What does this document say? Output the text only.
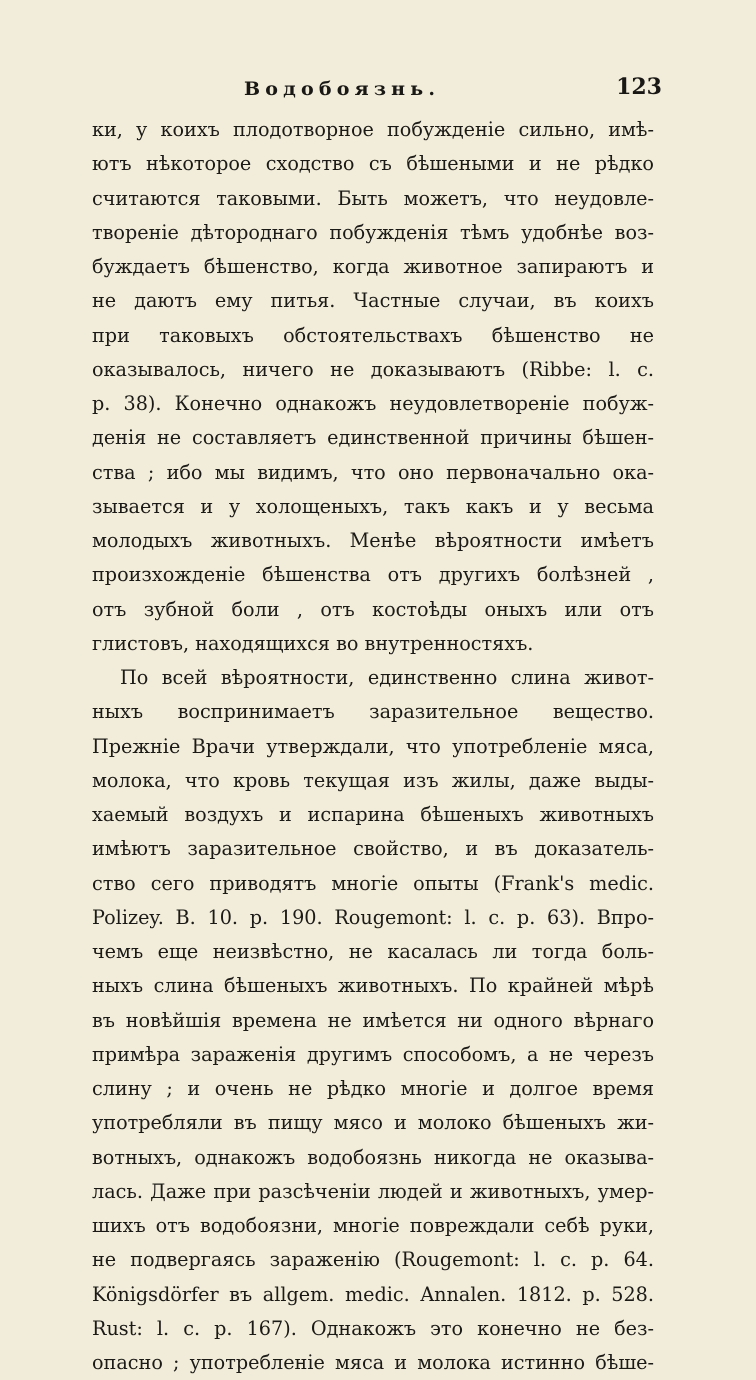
Водобоязнь.	123
ки, у коихъ плодотворное побужденіе сильно, имѣ-
ютъ нѣкоторое сходство съ бѣшеными и не рѣдко
считаются таковыми. Быть можетъ, что неудовле-
твореніе дѣтороднаго побужденія тѣмъ удобнѣе воз-
буждаетъ бѣшенство, когда животное запираютъ и
не даютъ ему питья. Частные случаи, въ коихъ
при таковыхъ обстоятельствахъ бѣшенство не
оказывалось, ничего не доказываютъ (Ribbe: l. c.
p. 38). Конечно однакожъ неудовлетвореніе побуж-
денія не составляетъ единственной причины бѣшен-
ства ; ибо мы видимъ, что оно первоначально ока-
зывается и у холощеныхъ, такъ какъ и у весьма
молодыхъ животныхъ. Менѣе вѣроятности имѣетъ
произхожденіе бѣшенства отъ другихъ болѣзней ,
отъ зубной боли , отъ костоѣды оныхъ или отъ
глистовъ, находящихся во внутренностяхъ.
По всей вѣроятности, единственно слина живот-
ныхъ воспринимаетъ заразительное вещество.
Прежніе Врачи утверждали, что употребленіе мяса,
молока, что кровь текущая изъ жилы, даже выды-
хаемый воздухъ и испарина бѣшеныхъ животныхъ
имѣютъ заразительное свойство, и въ доказатель-
ство сего приводятъ многіе опыты (Frank's medic.
Polizey. B. 10. p. 190. Rougemont: l. c. p. 63). Впро-
чемъ еще неизвѣстно, не касалась ли тогда боль-
ныхъ слина бѣшеныхъ животныхъ. По крайней мѣрѣ
въ новѣйшія времена не имѣется ни одного вѣрнаго
примѣра зараженія другимъ способомъ, а не черезъ
слину ; и очень не рѣдко многіе и долгое время
употребляли въ пищу мясо и молоко бѣшеныхъ жи-
вотныхъ, однакожъ водобоязнь никогда не оказыва-
лась. Даже при разсѣченіи людей и животныхъ, умер-
шихъ отъ водобоязни, многіе повреждали себѣ руки,
не подвергаясь зараженію (Rougemont: l. c. p. 64.
Königsdörfer въ allgem. medic. Annalen. 1812. p. 528.
Rust: l. c. p. 167). Однакожъ это конечно не без-
опасно ; употребленіе мяса и молока истинно бѣше-
